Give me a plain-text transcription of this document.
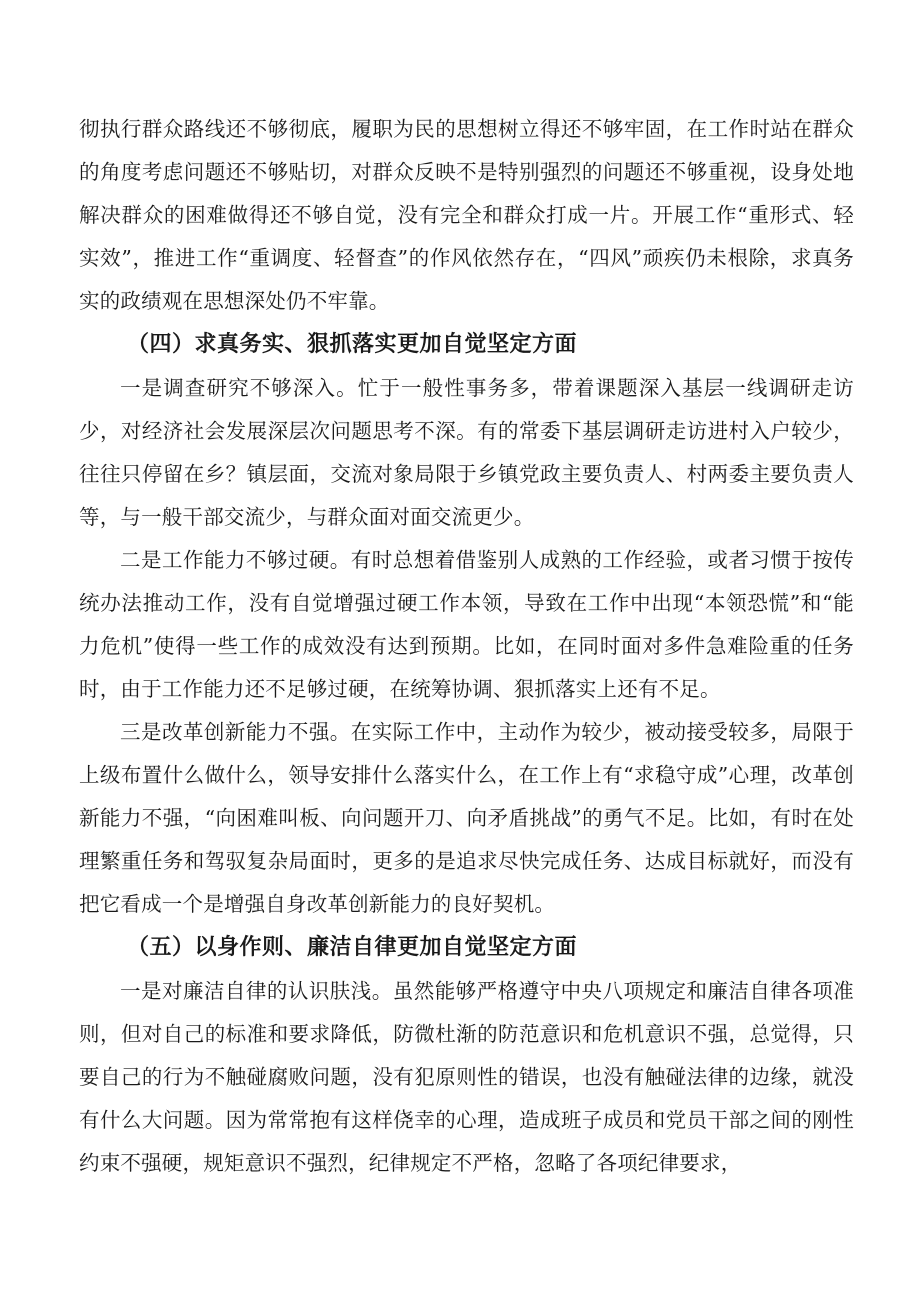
彻执行群众路线还不够彻底，履职为民的思想树立得还不够牢固，在工作时站在群众的角度考虑问题还不够贴切，对群众反映不是特别强烈的问题还不够重视，设身处地解决群众的困难做得还不够自觉，没有完全和群众打成一片。开展工作“重形式、轻实效”，推进工作“重调度、轻督查”的作风依然存在，“四风”顽疾仍未根除，求真务实的政绩观在思想深处仍不牢靠。

（四）求真务实、狠抓落实更加自觉坚定方面

一是调查研究不够深入。忙于一般性事务多，带着课题深入基层一线调研走访少，对经济社会发展深层次问题思考不深。有的常委下基层调研走访进村入户较少，往往只停留在乡？镇层面，交流对象局限于乡镇党政主要负责人、村两委主要负责人等，与一般干部交流少，与群众面对面交流更少。

二是工作能力不够过硬。有时总想着借鉴别人成熟的工作经验，或者习惯于按传统办法推动工作，没有自觉增强过硬工作本领，导致在工作中出现“本领恐慌”和“能力危机”使得一些工作的成效没有达到预期。比如，在同时面对多件急难险重的任务时，由于工作能力还不足够过硬，在统筹协调、狠抓落实上还有不足。

三是改革创新能力不强。在实际工作中，主动作为较少，被动接受较多，局限于上级布置什么做什么，领导安排什么落实什么，在工作上有“求稳守成”心理，改革创新能力不强，“向困难叫板、向问题开刀、向矛盾挑战”的勇气不足。比如，有时在处理繁重任务和驾驭复杂局面时，更多的是追求尽快完成任务、达成目标就好，而没有把它看成一个是增强自身改革创新能力的良好契机。

（五）以身作则、廉洁自律更加自觉坚定方面

一是对廉洁自律的认识肤浅。虽然能够严格遵守中央八项规定和廉洁自律各项准则，但对自己的标准和要求降低，防微杜渐的防范意识和危机意识不强，总觉得，只要自己的行为不触碰腐败问题，没有犯原则性的错误，也没有触碰法律的边缘，就没有什么大问题。因为常常抱有这样侥幸的心理，造成班子成员和党员干部之间的刚性约束不强硬，规矩意识不强烈，纪律规定不严格，忽略了各项纪律要求，
